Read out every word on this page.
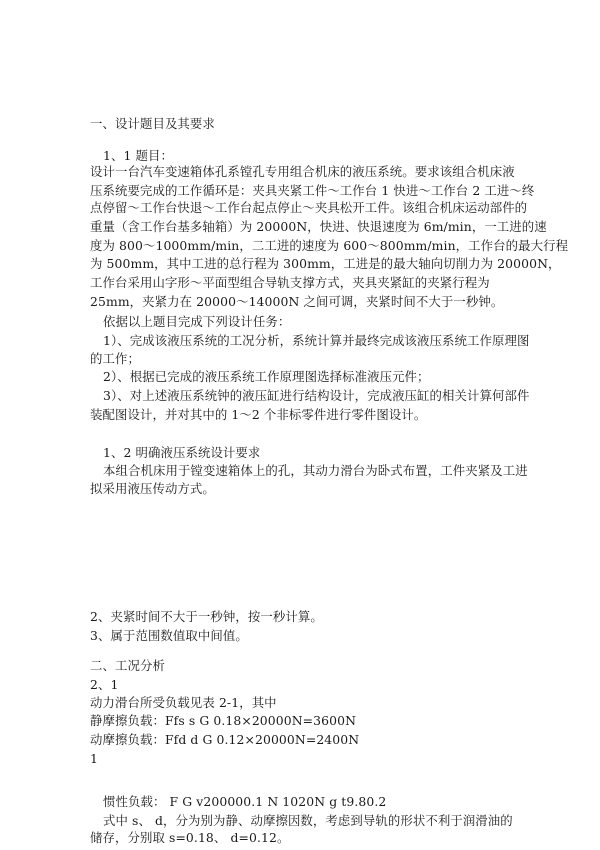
一、设计题目及其要求
1、1 题目：
设计一台汽车变速箱体孔系镗孔专用组合机床的液压系统。要求该组合机床液
压系统要完成的工作循环是：夹具夹紧工件～工作台 1 快进～工作台 2 工进～终
点停留～工作台快退～工作台起点停止～夹具松开工件。该组合机床运动部件的
重量（含工作台基多轴箱）为 20000N，快进、快退速度为 6m/min，一工进的速
度为 800～1000mm/min，二工进的速度为 600～800mm/min，工作台的最大行程
为 500mm，其中工进的总行程为 300mm，工进是的最大轴向切削力为 20000N，
工作台采用山字形～平面型组合导轨支撑方式，夹具夹紧缸的夹紧行程为
25mm，夹紧力在 20000～14000N 之间可调，夹紧时间不大于一秒钟。
依据以上题目完成下列设计任务：
1）、完成该液压系统的工况分析，系统计算并最终完成该液压系统工作原理图
的工作；
2）、根据已完成的液压系统工作原理图选择标准液压元件；
3）、对上述液压系统钟的液压缸进行结构设计，完成液压缸的相关计算何部件
装配图设计，并对其中的 1～2 个非标零件进行零件图设计。
1、2 明确液压系统设计要求
本组合机床用于镗变速箱体上的孔，其动力滑台为卧式布置，工件夹紧及工进
拟采用液压传动方式。
2、夹紧时间不大于一秒钟，按一秒计算。
3、属于范围数值取中间值。
二、工况分析
2、1
动力滑台所受负载见表 2-1，其中
静摩擦负载：Ffs s G 0.18×20000N=3600N
动摩擦负载：Ffd d G 0.12×20000N=2400N
1
惯性负载： F G v200000.1 N 1020N g t9.80.2
式中 s、 d，分为别为静、动摩擦因数，考虑到导轨的形状不利于润滑油的
储存，分别取 s=0.18、 d=0.12。
